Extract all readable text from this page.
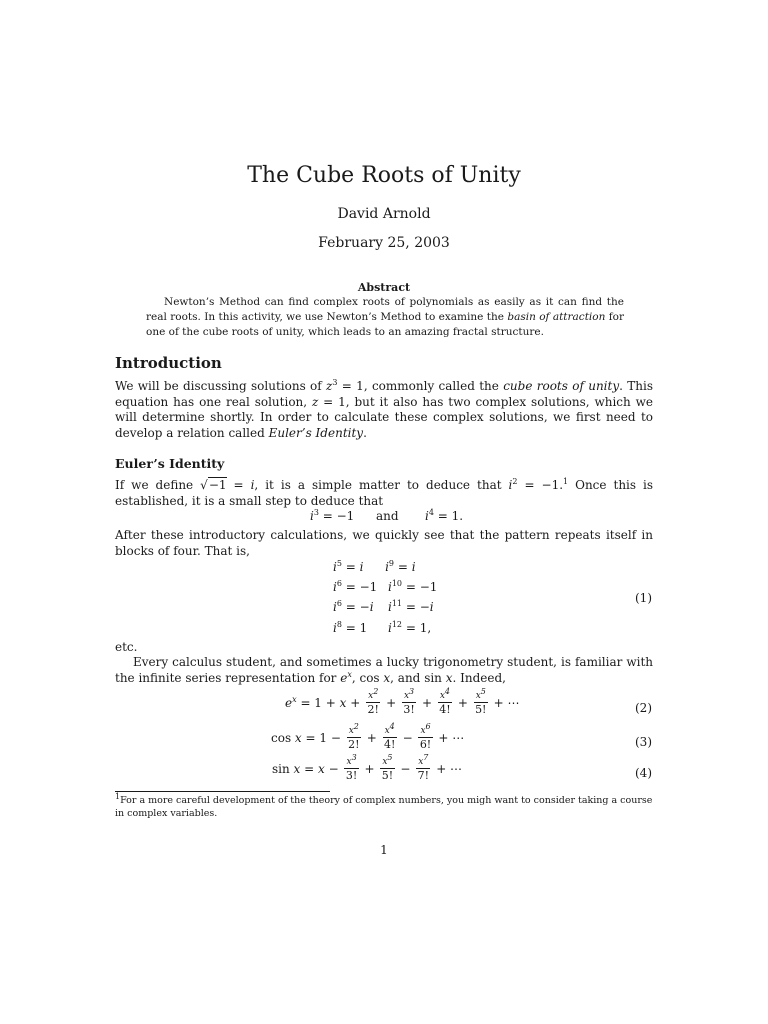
The Cube Roots of Unity
David Arnold
February 25, 2003
Abstract
Newton’s Method can find complex roots of polynomials as easily as it can find the real roots. In this activity, we use Newton’s Method to examine the basin of attraction for one of the cube roots of unity, which leads to an amazing fractal structure.
Introduction
We will be discussing solutions of $z^3 = 1$, commonly called the cube roots of unity. This equation has one real solution, z = 1, but it also has two complex solutions, which we will determine shortly. In order to calculate these complex solutions, we first need to develop a relation called Euler’s Identity.
Euler’s Identity
If we define √−1 = i, it is a simple matter to deduce that $i^2 = -1.^1$ Once this is established, it is a small step to deduce that
$i^3 = -1$ and $i^4 = 1$.
After these introductory calculations, we quickly see that the pattern repeats itself in blocks of four. That is,
$i^5 = i$	$i^9 = i$
$i^6 = -1$ $i^{10} = -1$
$i^6 = -i$ $i^{11} = -i$
$i^8 = 1$ $i^{12} = 1$,
(1)
etc.
Every calculus student, and sometimes a lucky trigonometry student, is familiar with the infinite series representation for $e^x$, cos x, and sin x. Indeed,
$e^x = 1 + x + \frac{x^2}{2!} + \frac{x^3}{3!} + \frac{x^4}{4!} + \frac{x^5}{5!}$ + ⋯	(2)
$\cos x = 1 - \frac{x^2}{2!} + \frac{x^4}{4!} - \frac{x^6}{6!}$ + ⋯	(3)
$\sin x = x - \frac{x^3}{3!} + \frac{x^5}{5!} - \frac{x^7}{7!}$ + ⋯	(4)
$^1$For a more careful development of the theory of complex numbers, you migh want to consider taking a course in complex variables.
1
